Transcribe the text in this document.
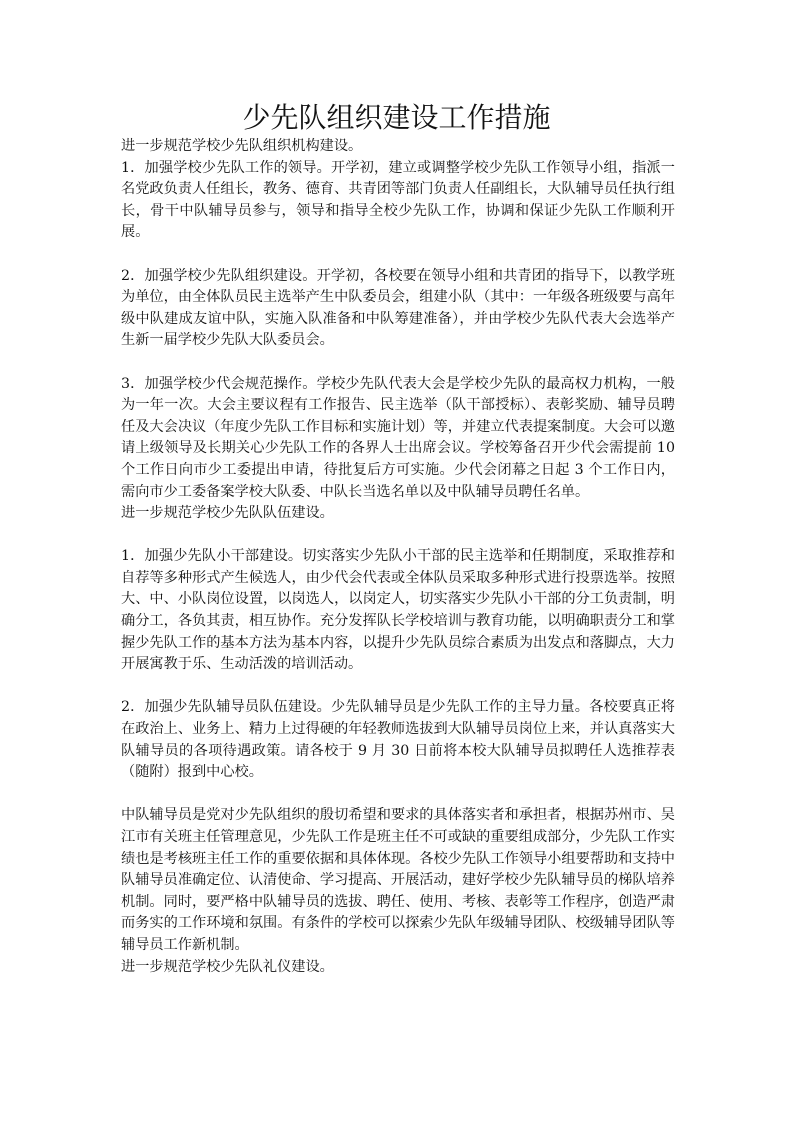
少先队组织建设工作措施

进一步规范学校少先队组织机构建设。

1．加强学校少先队工作的领导。开学初，建立或调整学校少先队工作领导小组，指派一名党政负责人任组长，教务、德育、共青团等部门负责人任副组长，大队辅导员任执行组长，骨干中队辅导员参与，领导和指导全校少先队工作，协调和保证少先队工作顺利开展。

2．加强学校少先队组织建设。开学初，各校要在领导小组和共青团的指导下，以教学班为单位，由全体队员民主选举产生中队委员会，组建小队（其中：一年级各班级要与高年级中队建成友谊中队，实施入队准备和中队筹建准备），并由学校少先队代表大会选举产生新一届学校少先队大队委员会。

3．加强学校少代会规范操作。学校少先队代表大会是学校少先队的最高权力机构，一般为一年一次。大会主要议程有工作报告、民主选举（队干部授标）、表彰奖励、辅导员聘任及大会决议（年度少先队工作目标和实施计划）等，并建立代表提案制度。大会可以邀请上级领导及长期关心少先队工作的各界人士出席会议。学校筹备召开少代会需提前 10 个工作日向市少工委提出申请，待批复后方可实施。少代会闭幕之日起 3 个工作日内，需向市少工委备案学校大队委、中队长当选名单以及中队辅导员聘任名单。

进一步规范学校少先队队伍建设。

1．加强少先队小干部建设。切实落实少先队小干部的民主选举和任期制度，采取推荐和自荐等多种形式产生候选人，由少代会代表或全体队员采取多种形式进行投票选举。按照大、中、小队岗位设置，以岗选人，以岗定人，切实落实少先队小干部的分工负责制，明确分工，各负其责，相互协作。充分发挥队长学校培训与教育功能，以明确职责分工和掌握少先队工作的基本方法为基本内容，以提升少先队员综合素质为出发点和落脚点，大力开展寓教于乐、生动活泼的培训活动。

2．加强少先队辅导员队伍建设。少先队辅导员是少先队工作的主导力量。各校要真正将在政治上、业务上、精力上过得硬的年轻教师选拔到大队辅导员岗位上来，并认真落实大队辅导员的各项待遇政策。请各校于 9 月 30 日前将本校大队辅导员拟聘任人选推荐表（随附）报到中心校。

中队辅导员是党对少先队组织的殷切希望和要求的具体落实者和承担者，根据苏州市、吴江市有关班主任管理意见，少先队工作是班主任不可或缺的重要组成部分，少先队工作实绩也是考核班主任工作的重要依据和具体体现。各校少先队工作领导小组要帮助和支持中队辅导员准确定位、认清使命、学习提高、开展活动，建好学校少先队辅导员的梯队培养机制。同时，要严格中队辅导员的选拔、聘任、使用、考核、表彰等工作程序，创造严肃而务实的工作环境和氛围。有条件的学校可以探索少先队年级辅导团队、校级辅导团队等辅导员工作新机制。

进一步规范学校少先队礼仪建设。
